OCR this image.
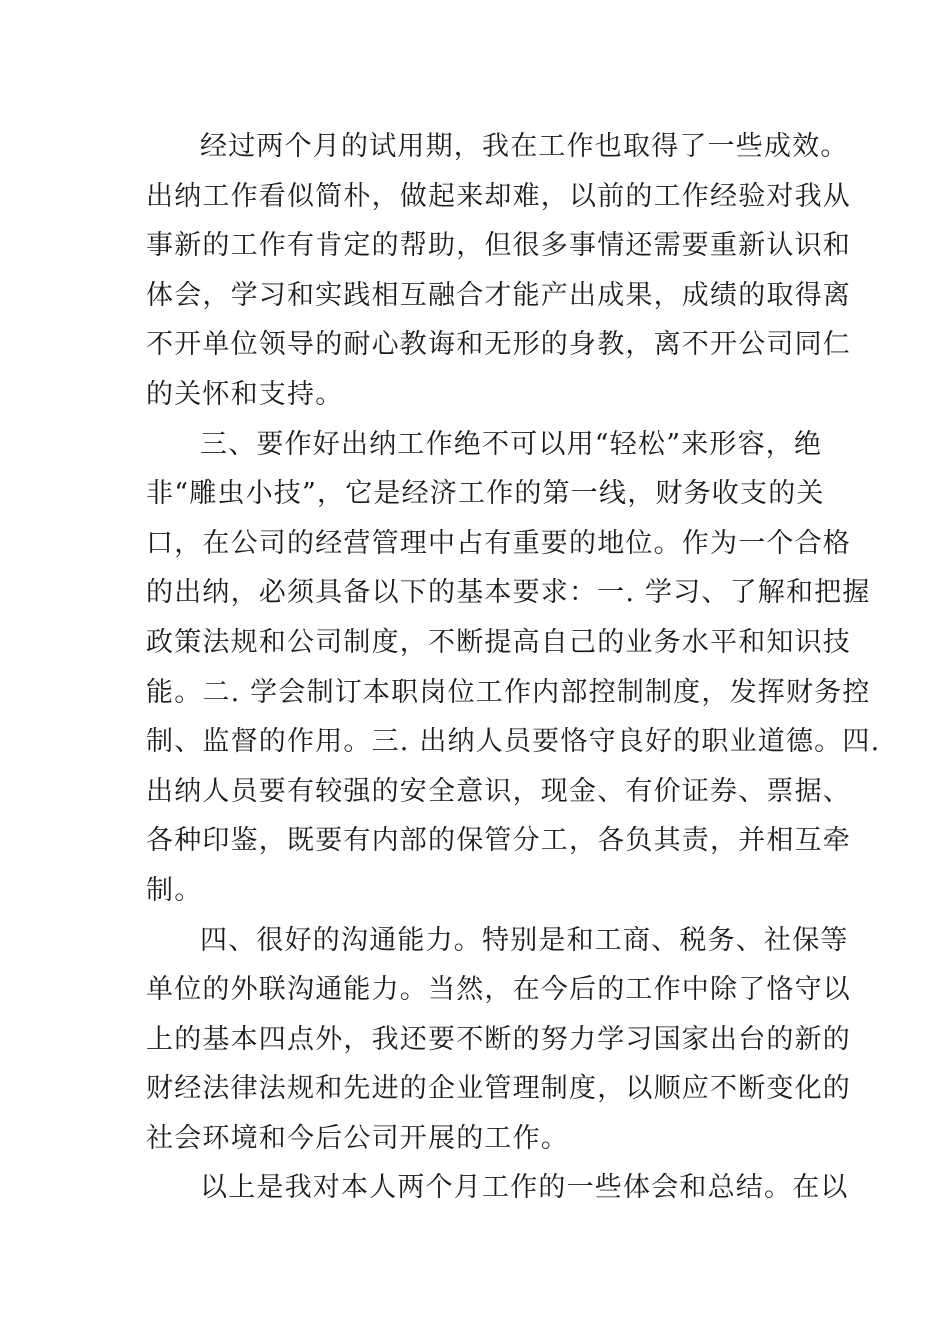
经过两个月的试用期，我在工作也取得了一些成效。
出纳工作看似简朴，做起来却难，以前的工作经验对我从
事新的工作有肯定的帮助，但很多事情还需要重新认识和
体会，学习和实践相互融合才能产出成果，成绩的取得离
不开单位领导的耐心教诲和无形的身教，离不开公司同仁
的关怀和支持。
三、要作好出纳工作绝不可以用“轻松”来形容，绝
非“雕虫小技”，它是经济工作的第一线，财务收支的关
口，在公司的经营管理中占有重要的地位。作为一个合格
的出纳，必须具备以下的基本要求：一. 学习、了解和把握
政策法规和公司制度，不断提高自己的业务水平和知识技
能。二. 学会制订本职岗位工作内部控制制度，发挥财务控
制、监督的作用。三. 出纳人员要恪守良好的职业道德。四.
出纳人员要有较强的安全意识，现金、有价证券、票据、
各种印鉴，既要有内部的保管分工，各负其责，并相互牵
制。
四、很好的沟通能力。特别是和工商、税务、社保等
单位的外联沟通能力。当然，在今后的工作中除了恪守以
上的基本四点外，我还要不断的努力学习国家出台的新的
财经法律法规和先进的企业管理制度，以顺应不断变化的
社会环境和今后公司开展的工作。
以上是我对本人两个月工作的一些体会和总结。在以
